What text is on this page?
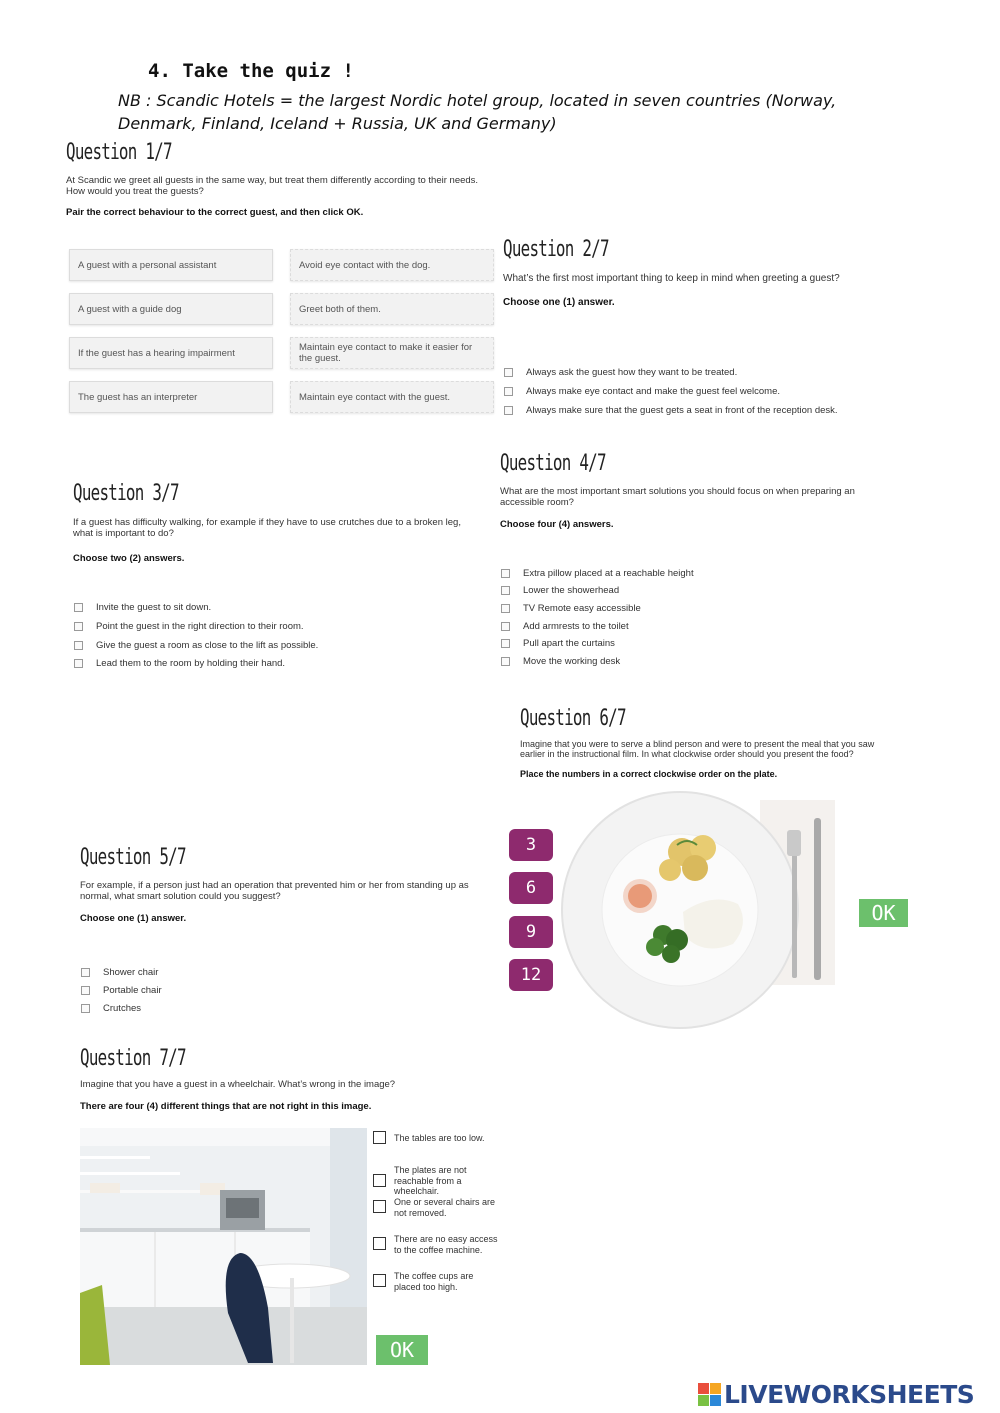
4. Take the quiz !
NB : Scandic Hotels = the largest Nordic hotel group, located in seven countries (Norway, Denmark, Finland, Iceland + Russia, UK and Germany)
Question 1/7
At Scandic we greet all guests in the same way, but treat them differently according to their needs. How would you treat the guests?
Pair the correct behaviour to the correct guest, and then click OK.
A guest with a personal assistant
A guest with a guide dog
If the guest has a hearing impairment
The guest has an interpreter
Avoid eye contact with the dog.
Greet both of them.
Maintain eye contact to make it easier for the guest.
Maintain eye contact with the guest.
Question 2/7
What’s the first most important thing to keep in mind when greeting a guest?
Choose one (1) answer.
Always ask the guest how they want to be treated.
Always make eye contact and make the guest feel welcome.
Always make sure that the guest gets a seat in front of the reception desk.
Question 3/7
If a guest has difficulty walking, for example if they have to use crutches due to a broken leg, what is important to do?
Choose two (2) answers.
Invite the guest to sit down.
Point the guest in the right direction to their room.
Give the guest a room as close to the lift as possible.
Lead them to the room by holding their hand.
Question 4/7
What are the most important smart solutions you should focus on when preparing an accessible room?
Choose four (4) answers.
Extra pillow placed at a reachable height
Lower the showerhead
TV Remote easy accessible
Add armrests to the toilet
Pull apart the curtains
Move the working desk
Question 6/7
Imagine that you were to serve a blind person and were to present the meal that you saw earlier in the instructional film. In what clockwise order should you present the food?
Place the numbers in a correct clockwise order on the plate.
3
6
9
12
OK
Question 5/7
For example, if a person just had an operation that prevented him or her from standing up as normal, what smart solution could you suggest?
Choose one (1) answer.
Shower chair
Portable chair
Crutches
Question 7/7
Imagine that you have a guest in a wheelchair. What’s wrong in the image?
There are four (4) different things that are not right in this image.
The tables are too low.
The plates are not reachable from a wheelchair.
One or several chairs are not removed.
There are no easy access to the coffee machine.
The coffee cups are placed too high.
OK
LIVEWORKSHEETS
